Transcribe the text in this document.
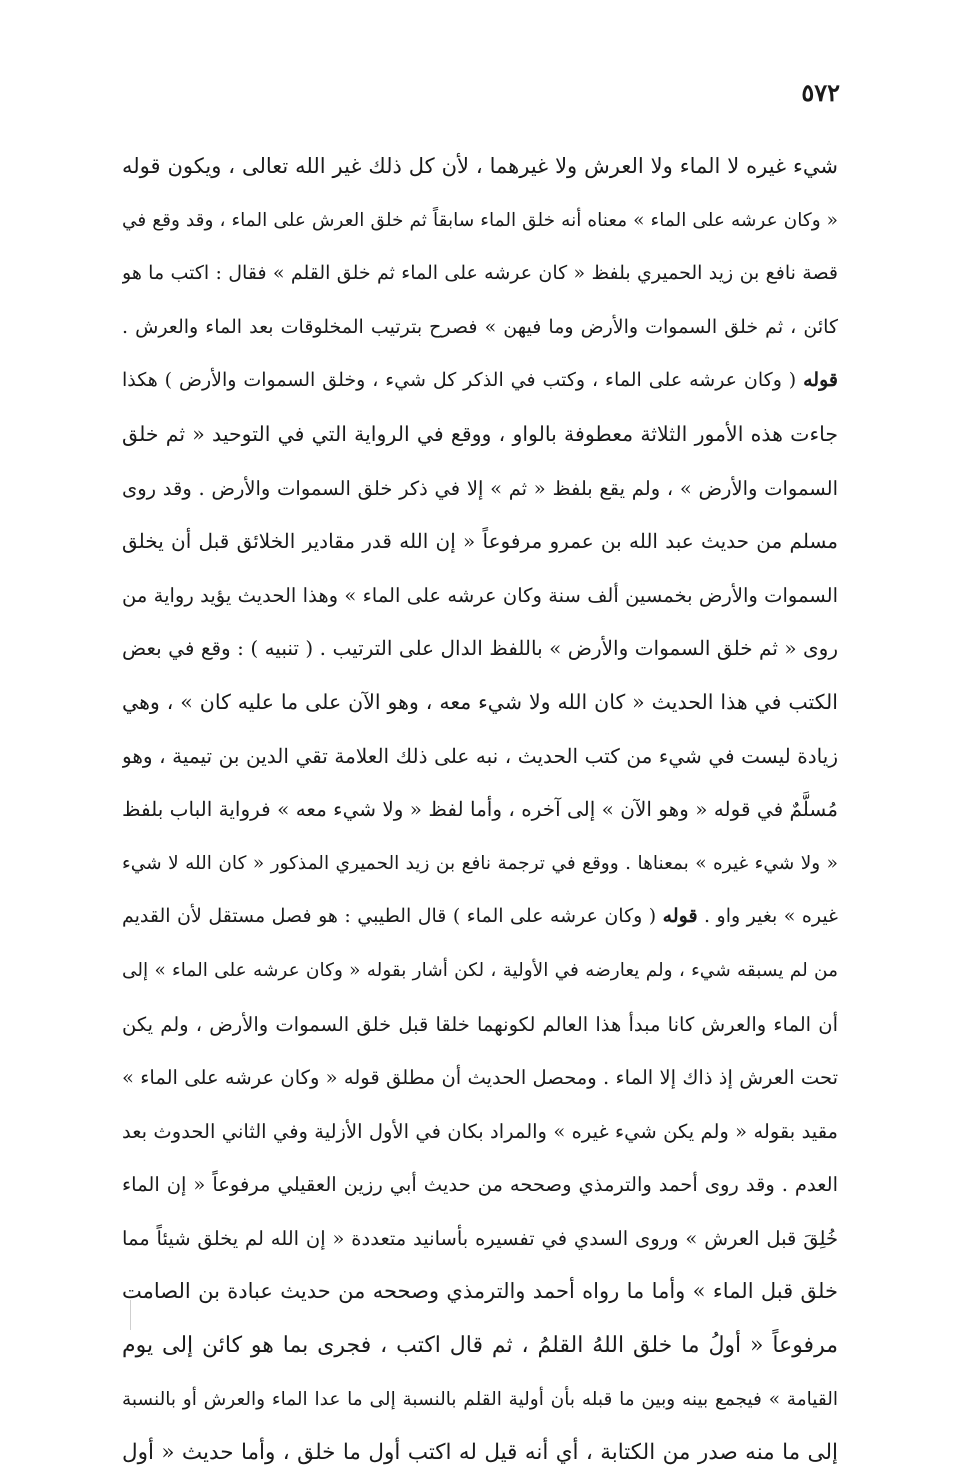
٥٧٢
شيء غيره لا الماء ولا العرش ولا غيرهما ، لأن كل ذلك غير الله تعالى ، ويكون قوله
« وكان عرشه على الماء » معناه أنه خلق الماء سابقاً ثم خلق العرش على الماء ، وقد وقع في
قصة نافع بن زيد الحميري بلفظ « كان عرشه على الماء ثم خلق القلم » فقال : اكتب ما هو
كائن ، ثم خلق السموات والأرض وما فيهن » فصرح بترتيب المخلوقات بعد الماء والعرش .
قوله ( وكان عرشه على الماء ، وكتب في الذكر كل شيء ، وخلق السموات والأرض ) هكذا
جاءت هذه الأمور الثلاثة معطوفة بالواو ، ووقع في الرواية التي في التوحيد « ثم خلق
السموات والأرض » ، ولم يقع بلفظ « ثم » إلا في ذكر خلق السموات والأرض . وقد روى
مسلم من حديث عبد الله بن عمرو مرفوعاً « إن الله قدر مقادير الخلائق قبل أن يخلق
السموات والأرض بخمسين ألف سنة وكان عرشه على الماء » وهذا الحديث يؤيد رواية من
روى « ثم خلق السموات والأرض » باللفظ الدال على الترتيب . ( تنبيه ) : وقع في بعض
الكتب في هذا الحديث « كان الله ولا شيء معه ، وهو الآن على ما عليه كان » ، وهي
زيادة ليست في شيء من كتب الحديث ، نبه على ذلك العلامة تقي الدين بن تيمية ، وهو
مُسلَّمٌ في قوله « وهو الآن » إلى آخره ، وأما لفظ « ولا شيء معه » فرواية الباب بلفظ
« ولا شيء غيره » بمعناها . ووقع في ترجمة نافع بن زيد الحميري المذكور « كان الله لا شيء
غيره » بغير واو . قوله ( وكان عرشه على الماء ) قال الطيبي : هو فصل مستقل لأن القديم
من لم يسبقه شيء ، ولم يعارضه في الأولية ، لكن أشار بقوله « وكان عرشه على الماء » إلى
أن الماء والعرش كانا مبدأ هذا العالم لكونهما خلقا قبل خلق السموات والأرض ، ولم يكن
تحت العرش إذ ذاك إلا الماء . ومحصل الحديث أن مطلق قوله « وكان عرشه على الماء »
مقيد بقوله « ولم يكن شيء غيره » والمراد بكان في الأول الأزلية وفي الثاني الحدوث بعد
العدم . وقد روى أحمد والترمذي وصححه من حديث أبي رزين العقيلي مرفوعاً « إن الماء
خُلِقَ قبل العرش » وروى السدي في تفسيره بأسانيد متعددة « إن الله لم يخلق شيئاً مما
خلق قبل الماء » وأما ما رواه أحمد والترمذي وصححه من حديث عبادة بن الصامت
مرفوعاً « أولُ ما خلق اللهُ القلمُ ، ثم قال اكتب ، فجرى بما هو كائن إلى يوم
القيامة » فيجمع بينه وبين ما قبله بأن أولية القلم بالنسبة إلى ما عدا الماء والعرش أو بالنسبة
إلى ما منه صدر من الكتابة ، أي أنه قيل له اكتب أول ما خلق ، وأما حديث « أول
